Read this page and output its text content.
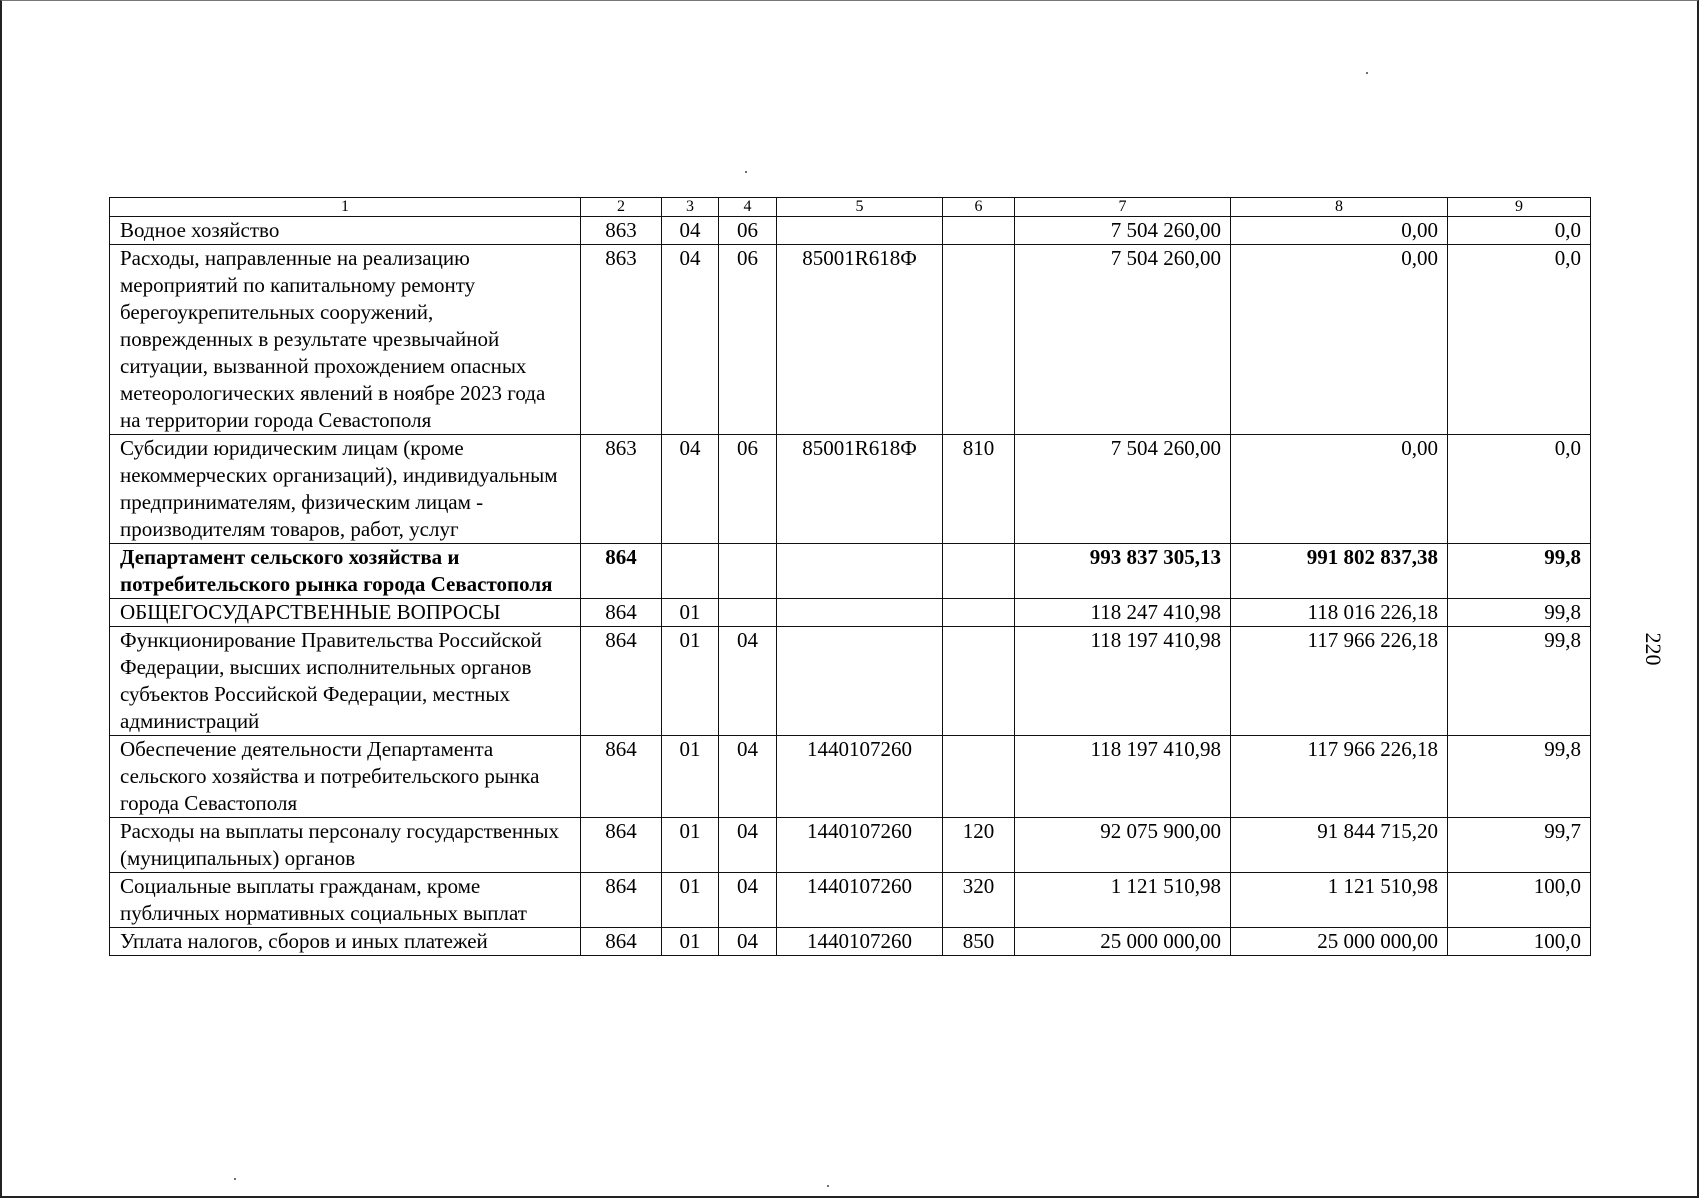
220
1	2	3	4	5	6	7	8	9
Водное хозяйство	863	04	06			7 504 260,00	0,00	0,0
Расходы, направленные на реализацию мероприятий по капитальному ремонту берегоукрепительных сооружений, поврежденных в результате чрезвычайной ситуации, вызванной прохождением опасных метеорологических явлений в ноябре 2023 года на территории города Севастополя	863	04	06	85001R618Ф		7 504 260,00	0,00	0,0
Субсидии юридическим лицам (кроме некоммерческих организаций), индивидуальным предпринимателям, физическим лицам - производителям товаров, работ, услуг	863	04	06	85001R618Ф	810	7 504 260,00	0,00	0,0
Департамент сельского хозяйства и потребительского рынка города Севастополя	864					993 837 305,13	991 802 837,38	99,8
ОБЩЕГОСУДАРСТВЕННЫЕ ВОПРОСЫ	864	01				118 247 410,98	118 016 226,18	99,8
Функционирование Правительства Российской Федерации, высших исполнительных органов субъектов Российской Федерации, местных администраций	864	01	04			118 197 410,98	117 966 226,18	99,8
Обеспечение деятельности Департамента сельского хозяйства и потребительского рынка города Севастополя	864	01	04	1440107260		118 197 410,98	117 966 226,18	99,8
Расходы на выплаты персоналу государственных (муниципальных) органов	864	01	04	1440107260	120	92 075 900,00	91 844 715,20	99,7
Социальные выплаты гражданам, кроме публичных нормативных социальных выплат	864	01	04	1440107260	320	1 121 510,98	1 121 510,98	100,0
Уплата налогов, сборов и иных платежей	864	01	04	1440107260	850	25 000 000,00	25 000 000,00	100,0
